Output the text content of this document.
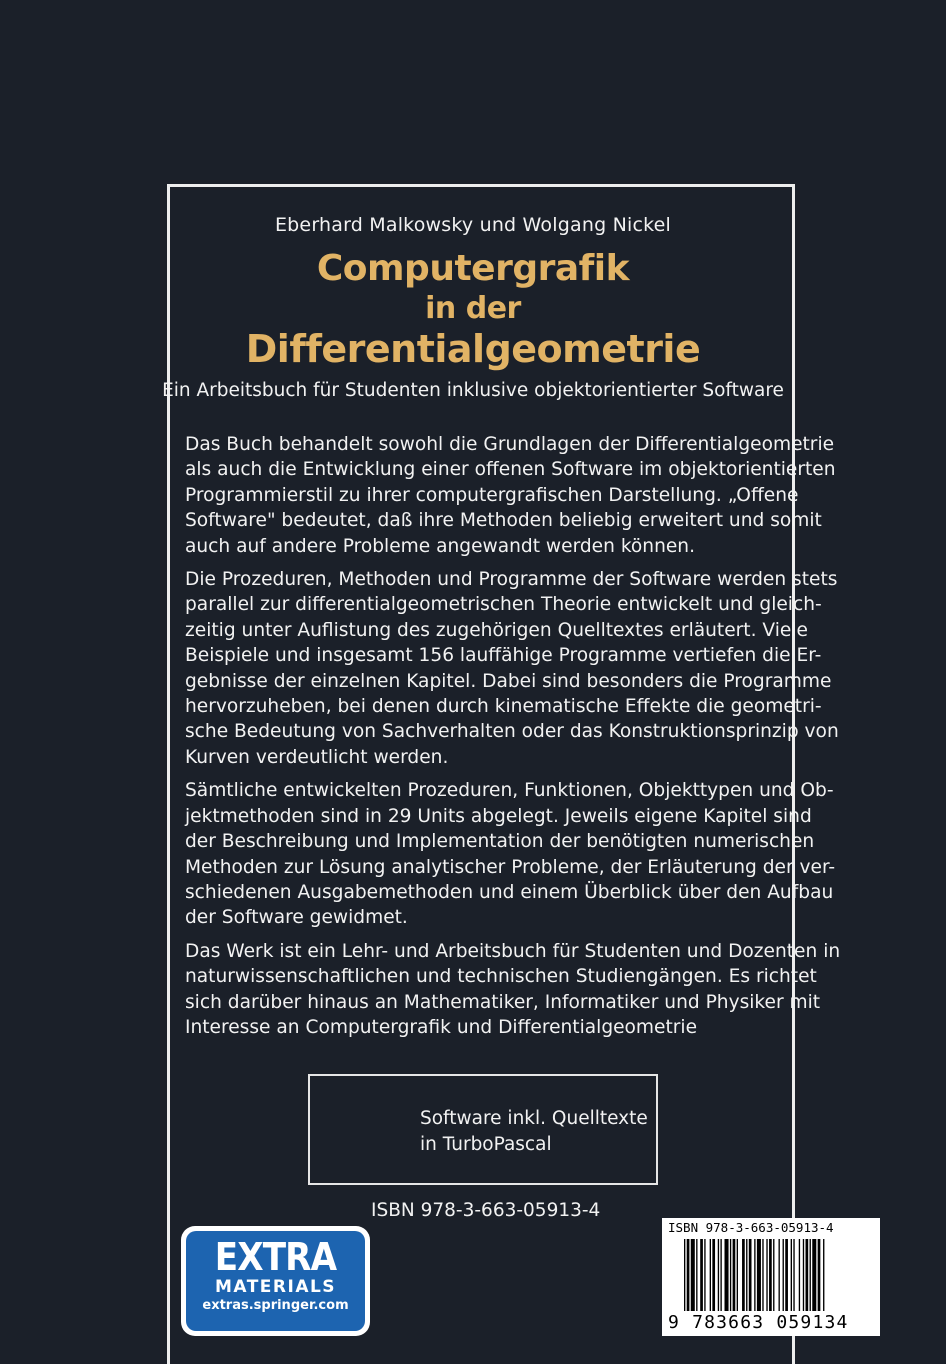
Eberhard Malkowsky und Wolgang Nickel
Computergrafik
in der
Differentialgeometrie
Ein Arbeitsbuch für Studenten inklusive objektorientierter Software
Das Buch behandelt sowohl die Grundlagen der Differentialgeometrie
als auch die Entwicklung einer offenen Software im objektorientierten
Programmierstil zu ihrer computergrafischen Darstellung. „Offene
Software" bedeutet, daß ihre Methoden beliebig erweitert und somit
auch auf andere Probleme angewandt werden können.
Die Prozeduren, Methoden und Programme der Software werden stets
parallel zur differentialgeometrischen Theorie entwickelt und gleich-
zeitig unter Auflistung des zugehörigen Quelltextes erläutert. Viele
Beispiele und insgesamt 156 lauffähige Programme vertiefen die Er-
gebnisse der einzelnen Kapitel. Dabei sind besonders die Programme
hervorzuheben, bei denen durch kinematische Effekte die geometri-
sche Bedeutung von Sachverhalten oder das Konstruktionsprinzip von
Kurven verdeutlicht werden.
Sämtliche entwickelten Prozeduren, Funktionen, Objekttypen und Ob-
jektmethoden sind in 29 Units abgelegt. Jeweils eigene Kapitel sind
der Beschreibung und Implementation der benötigten numerischen
Methoden zur Lösung analytischer Probleme, der Erläuterung der ver-
schiedenen Ausgabemethoden und einem Überblick über den Aufbau
der Software gewidmet.
Das Werk ist ein Lehr- und Arbeitsbuch für Studenten und Dozenten in
naturwissenschaftlichen und technischen Studiengängen. Es richtet
sich darüber hinaus an Mathematiker, Informatiker und Physiker mit
Interesse an Computergrafik und Differentialgeometrie
Software inkl. Quelltexte
in TurboPascal
ISBN 978-3-663-05913-4
EXTRA
MATERIALS
extras.springer.com
ISBN 978-3-663-05913-4
9 783663 059134
